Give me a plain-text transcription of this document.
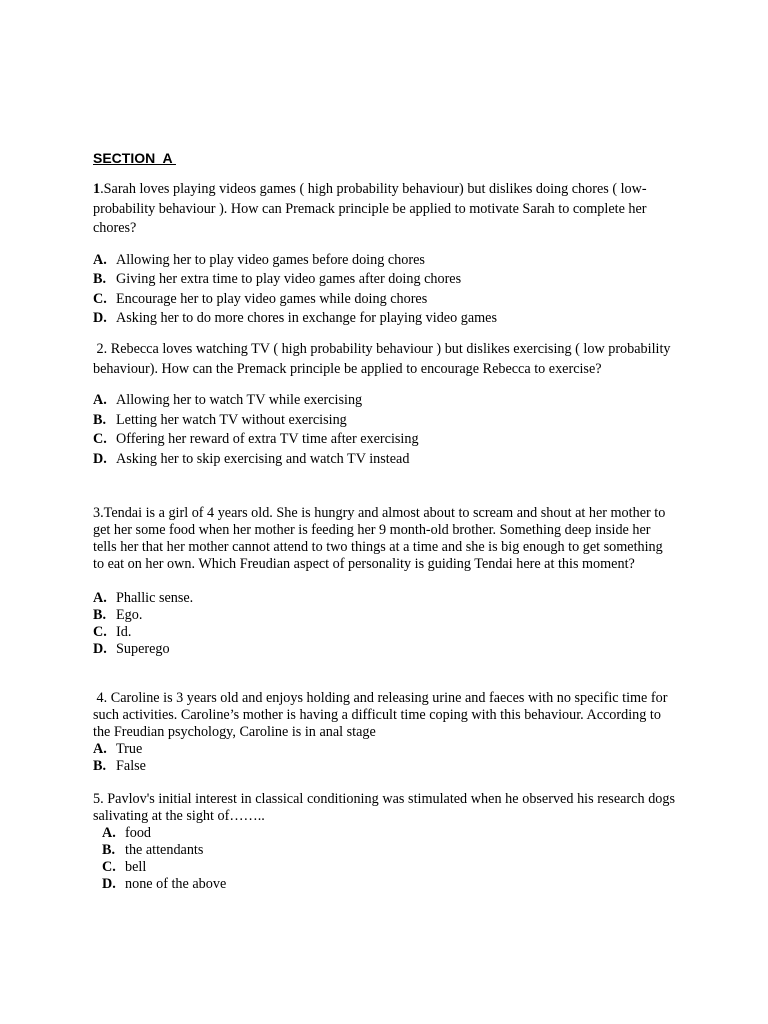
SECTION  A
1.Sarah loves playing videos games ( high probability behaviour) but dislikes doing chores ( low- probability behaviour ). How can Premack principle be applied to motivate Sarah to complete her chores?
A. Allowing her to play video games before doing chores
B. Giving her extra time to play video games after doing chores
C. Encourage her to play video games while doing chores
D. Asking her to do more chores in exchange for playing video games
2. Rebecca loves watching TV ( high probability behaviour ) but dislikes exercising ( low probability behaviour). How can the Premack principle be applied to encourage Rebecca to exercise?
A. Allowing her to watch TV while exercising
B. Letting her watch TV without exercising
C. Offering her reward of extra TV time after exercising
D. Asking her to skip exercising and watch TV instead
3.Tendai is a girl of 4 years old. She is hungry and almost about to scream and shout at her mother to get her some food when her mother is feeding her 9 month-old brother. Something deep inside her tells her that her mother cannot attend to two things at a time and she is big enough to get something to eat on her own. Which Freudian aspect of personality is guiding Tendai here at this moment?
A. Phallic sense.
B. Ego.
C. Id.
D. Superego
4. Caroline is 3 years old and enjoys holding and releasing urine and faeces with no specific time for such activities. Caroline’s mother is having a difficult time coping with this behaviour. According to the Freudian psychology, Caroline is in anal stage
A. True
B. False
5. Pavlov's initial interest in classical conditioning was stimulated when he observed his research dogs salivating at the sight of……..
A. food
B. the attendants
C. bell
D. none of the above
